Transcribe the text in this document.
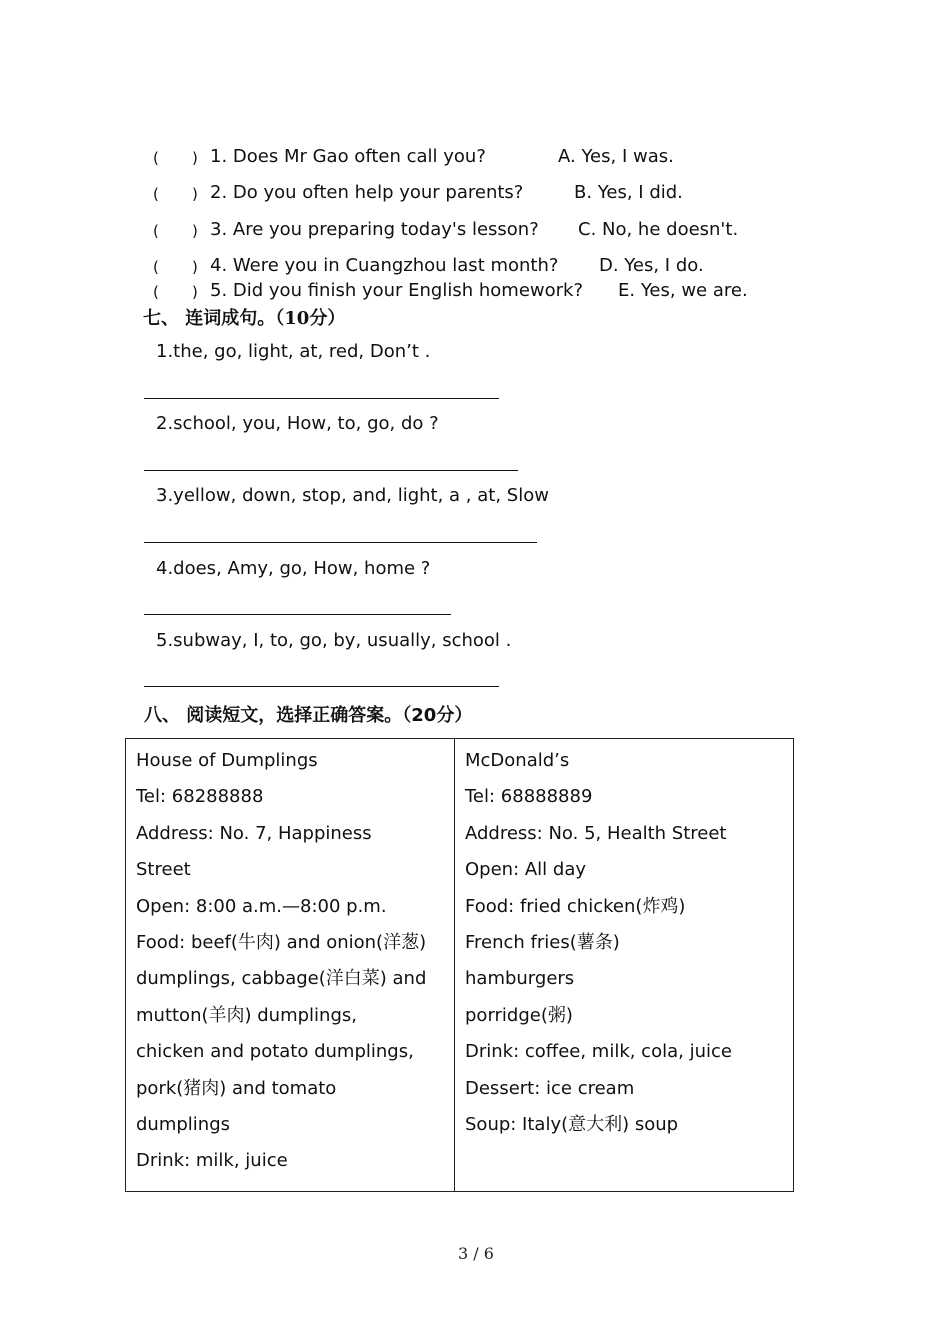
( ) 1. Does Mr Gao often call you?	A. Yes, I was.
( ) 2. Do you often help your parents?	B. Yes, I did.
( ) 3. Are you preparing today's lesson? C. No, he doesn't.
( ) 4. Were you in Cuangzhou last month? D. Yes, I do.
( ) 5. Did you finish your English homework? E. Yes, we are.
七、 连词成句。（10分）
1.the, go, light, at, red, Don’t .
2.school, you, How, to, go, do ?
3.yellow, down, stop, and, light, a , at, Slow
4.does, Amy, go, How, home ?
5.subway, I, to, go, by, usually, school .
八、 阅读短文，选择正确答案。（20分）
House of Dumplings
Tel: 68288888
Address: No. 7, Happiness
Street
Open: 8:00 a.m.—8:00 p.m.
Food: beef(牛肉) and onion(洋葱)
dumplings, cabbage(洋白菜) and
mutton(羊肉) dumplings,
chicken and potato dumplings,
pork(猪肉) and tomato
dumplings
Drink: milk, juice

McDonald’s
Tel: 68888889
Address: No. 5, Health Street
Open: All day
Food: fried chicken(炸鸡)
French fries(薯条)
hamburgers
porridge(粥)
Drink: coffee, milk, cola, juice
Dessert: ice cream
Soup: Italy(意大利) soup
3 / 6
